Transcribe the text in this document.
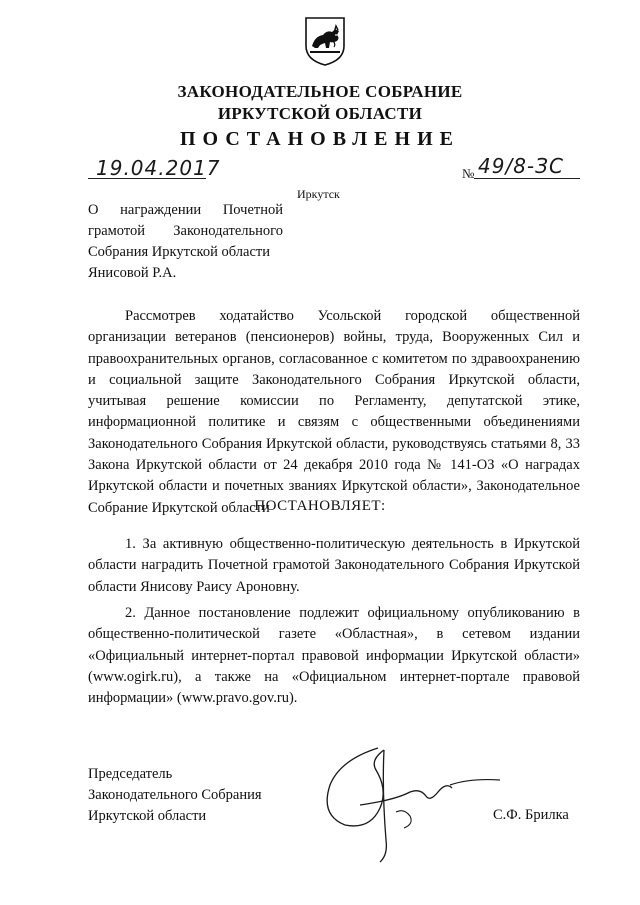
ЗАКОНОДАТЕЛЬНОЕ СОБРАНИЕ
ИРКУТСКОЙ ОБЛАСТИ
ПОСТАНОВЛЕНИЕ
19.04.2017	№ 49/8-ЗС
Иркутск
О награждении Почетной
грамотой Законодательного
Собрания Иркутской области
Янисовой Р.А.

Рассмотрев ходатайство Усольской городской общественной организации ветеранов (пенсионеров) войны, труда, Вооруженных Сил и правоохранительных органов, согласованное с комитетом по здравоохранению и социальной защите Законодательного Собрания Иркутской области, учитывая решение комиссии по Регламенту, депутатской этике, информационной политике и связям с общественными объединениями Законодательного Собрания Иркутской области, руководствуясь статьями 8, 33 Закона Иркутской области от 24 декабря 2010 года № 141-ОЗ «О наградах Иркутской области и почетных званиях Иркутской области», Законодательное Собрание Иркутской области

ПОСТАНОВЛЯЕТ:

1. За активную общественно-политическую деятельность в Иркутской области наградить Почетной грамотой Законодательного Собрания Иркутской области Янисову Раису Ароновну.

2. Данное постановление подлежит официальному опубликованию в общественно-политической газете «Областная», в сетевом издании «Официальный интернет-портал правовой информации Иркутской области» (www.ogirk.ru), а также на «Официальном интернет-портале правовой информации» (www.pravo.gov.ru).

Председатель
Законодательного Собрания
Иркутской области	С.Ф. Брилка
